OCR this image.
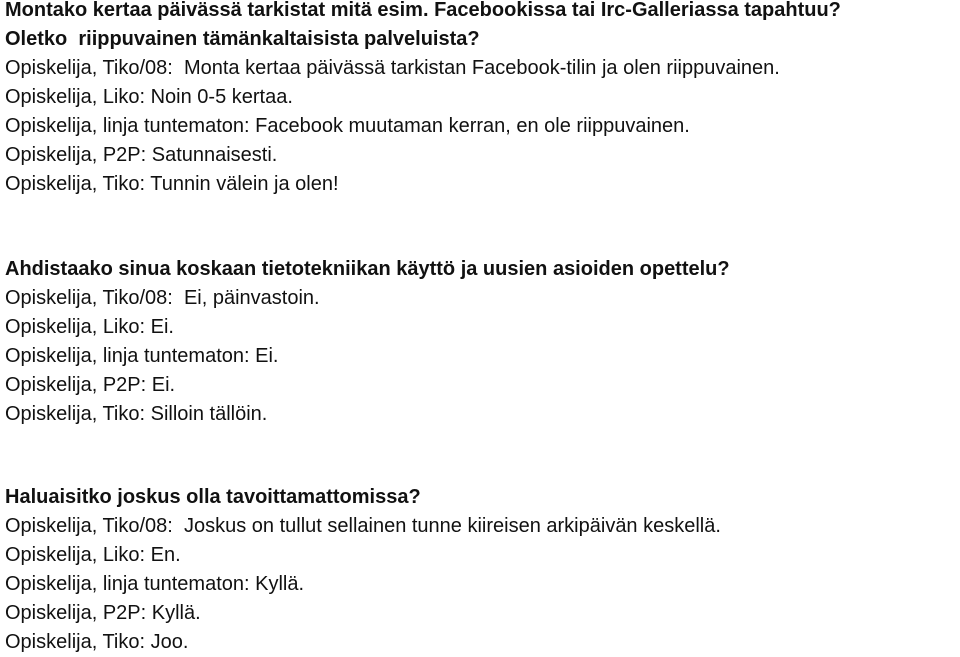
Montako kertaa päivässä tarkistat mitä esim. Facebookissa tai Irc-Galleriassa tapahtuu?

Oletko  riippuvainen tämänkaltaisista palveluista?

Opiskelija, Tiko/08:  Monta kertaa päivässä tarkistan Facebook-tilin ja olen riippuvainen.

Opiskelija, Liko: Noin 0-5 kertaa.

Opiskelija, linja tuntematon: Facebook muutaman kerran, en ole riippuvainen.

Opiskelija, P2P: Satunnaisesti.

Opiskelija, Tiko: Tunnin välein ja olen!

Ahdistaako sinua koskaan tietotekniikan käyttö ja uusien asioiden opettelu?

Opiskelija, Tiko/08:  Ei, päinvastoin.

Opiskelija, Liko: Ei.

Opiskelija, linja tuntematon: Ei.

Opiskelija, P2P: Ei.

Opiskelija, Tiko: Silloin tällöin.

Haluaisitko joskus olla tavoittamattomissa?

Opiskelija, Tiko/08:  Joskus on tullut sellainen tunne kiireisen arkipäivän keskellä.

Opiskelija, Liko: En.

Opiskelija, linja tuntematon: Kyllä.

Opiskelija, P2P: Kyllä.

Opiskelija, Tiko: Joo.
